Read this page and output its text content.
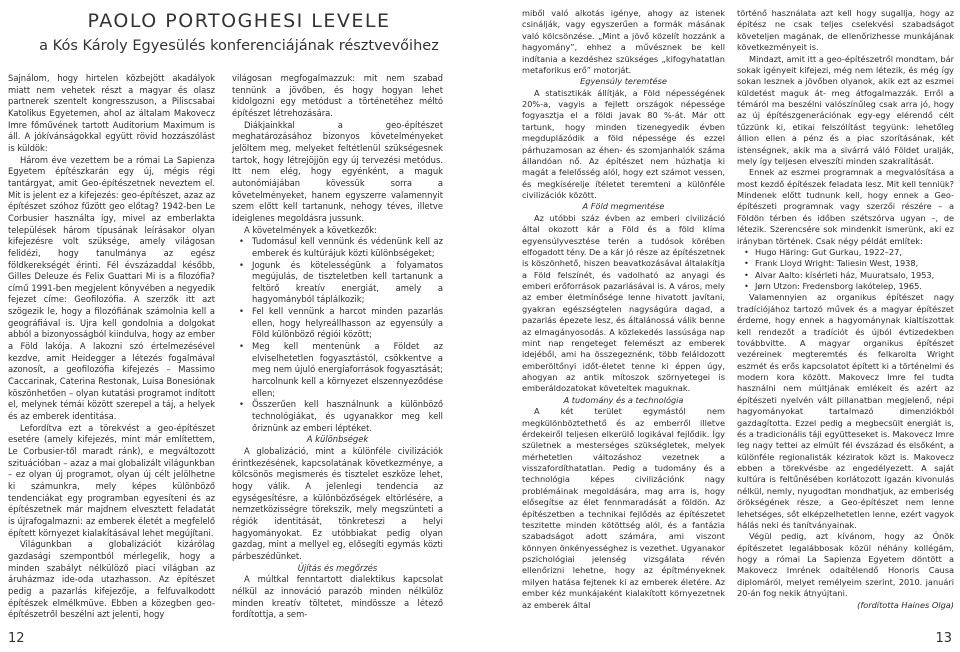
PAOLO PORTOGHESI LEVELE
a Kós Károly Egyesülés konferenciájának résztvevőihez

Sajnálom, hogy hirtelen közbejött akadályok miatt nem vehetek részt a magyar és olasz partnerek szentelt kongresszuson, a Piliscsabai Katolikus Egyetemen, ahol az általam Makovecz Imre főművének tartott Auditorium Maximum is áll. A jókívánságokkal együtt rövid hozzászólást is küldök:

Három éve vezettem be a római La Sapienza Egyetem építészkarán egy új, mégis régi tantárgyat, amit Geo-építészetnek neveztem el. Mit is jelent ez a kifejezés: geo-építészet, azaz az építészet szóhoz fűzött geo előtag? 1942-ben Le Corbusier használta így, mivel az emberlakta települések három típusának leírásakor olyan kifejezésre volt szüksége, amely világosan felidézi, hogy tanulmánya az egész földkerekségét érinti. Fél évszázaddal később, Gilles Deleuze és Felix Guattari Mi is a filozófia? című 1991-ben megjelent könyvében a negyedik fejezet címe: Geofilozófia. A szerzők itt azt szögezik le, hogy a filozófiának számolnia kell a geográfiával is. Ujra kell gondolnia a dolgokat abból a bizonyosságból kiindulva, hogy az ember a Föld lakója. A lakozni szó értelmezésével kezdve, amit Heidegger a létezés fogalmával azonosít, a geofilozófia kifejezés – Massimo Caccarinak, Caterina Restonak, Luisa Bonesiónak köszönhetően – olyan kutatási programot indított el, melynek témái között szerepel a táj, a helyek és az emberek identitása.

Lefordítva ezt a törekvést a geo-építészet esetére (amely kifejezés, mint már említettem, Le Corbusier-től maradt ránk), e megváltozott szituációban – azaz a mai globalizált világunkban – ez olyan új programot, olyan új célt jelölhetne ki számunkra, mely képes különböző tendenciákat egy programban egyesíteni és az építészetnek már majdnem elvesztett feladatát is újrafogalmazni: az emberek életét a megfelelő épített környezet kialakításával lehet megújítani.

Világunkban a globalizációt kizárólag gazdasági szempontból mérlegelik, hogy a minden szabályt nélkülöző piaci világban az áruházmaz ide-oda utazhasson. Az építészet pedig a pazarlás kifejezője, a felfuvalkodott építészek elmélkmüve. Ebben a közegben geo-építészetről beszélni azt jelenti, hogy

világosan megfogalmazzuk: mit nem szabad tennünk a jövőben, és hogy hogyan lehet kidolgozni egy metódust a történetéhez méltó építészet létrehozására.

Diákjainkkal a geo-építészet meghatározásához bizonyos követelményeket jelöltem meg, melyeket feltétlenül szükségesnek tartok, hogy létrejöjjön egy új tervezési metódus. Itt nem elég, hogy egyénként, a maguk autonómiájában kövessük sorra a követelményeket, hanem egyszerre valamennyit szem előtt kell tartanunk, nehogy téves, illetve ideiglenes megoldásra jussunk.

A követelmények a következők:

• Tudomásul kell vennünk és védenünk kell az emberek és kultúrájuk közti különbségeket;
• Jogunk és kötelességünk a folyamatos megújulás, de tiszteletben kell tartanunk a feltörő kreatív energiát, amely a hagyományból táplálkozik;
• Fel kell vennünk a harcot minden pazarlás ellen, hogy helyreállhasson az egyensúly a Föld különböző régiói között;
• Meg kell mentenünk a Földet az elviselhetetlen fogyasztástól, csökkentve a meg nem újuló energiaforrások fogyasztását; harcolnunk kell a környezet elszennyeződése ellen;
• Összerűen kell használnunk a különböző technológiákat, és ugyanakkor meg kell őriznünk az emberi léptéket.

A különbségek

A globalizáció, mint a különféle civilizációk érintkezésének, kapcsolatának következménye, a kölcsönös megismerés és tisztelet eszköze lehet, hogy válik. A jelenlegi tendencia az egységesítésre, a különbözőségek eltörlésére, a nemzetközisségre törekszik, mely megszünteti a régiók identitását, tönkreteszi a helyi hagyományokat. Ez utóbbiakat pedig olyan gazdag, mint a mellyel eg, elősegíti egymás közti párbeszédünket.

Újítás és megőrzés

A múltkal fenntartott dialektikus kapcsolat nélkül az innováció parazób minden nélkülöz minden kreatív töltetet, mindössze a létező fordítottja, a sem-

12

miből való alkotás igénye, ahogy az istenek csinálják, vagy egyszerűen a formák másának való kölcsönzése. „Mint a jövő közelít hozzánk a hagyomány”, ehhez a művésznek be kell indítania a kezdéshez szükséges „kifogyhatatlan metaforikus erő” motorját.

Egyensúly teremtése

A statisztikák állítják, a Föld népességének 20%-a, vagyis a fejlett országok népessége fogyasztja el a földi javak 80 %-át. Már ott tartunk, hogy minden tizenegyedik évben megduplázódik a föld népessége és ezzel párhuzamosan az éhen- és szomjanhalók száma állandóan nő. Az építészet nem húzhatja ki magát a felelősség alól, hogy ezt számot vessen, és megkísérelje ítéletet teremteni a különféle civilizációk között.

A Föld megmentése

Az utóbbi száz évben az emberi civilizáció által okozott kár a Föld és a föld klíma egyensúlyvesztése terén a tudósok körében elfogadott tény. De a kár jó része az építészetnek is köszönhető, hiszen beavatkozásával általakítja a Föld felszínét, és vadolható az anyagi és emberi erőforrások pazarlásával is. A város, mely az ember életmínősége lenne hivatott javítani, gyakran egészségtelen nagyságúra dagad, a pazarlás épezete lesz, és általánossá válik benne az elmagányosodás. A közlekedés lassúsága nap mint nap rengeteget felemészt az emberek idejéből, ami ha összegeznénk, több feláldozott emberöltőnyi időt-életet tenne ki éppen úgy, ahogyan az antik mítoszok szörnyetegei is emberáldozatokat követeltek maguknak.

A tudomány és a technológia

A két terület egymástól nem megkülönböztethető és az emberről illetve érdekeiről teljesen elkerülő logikával fejlődik. Így születnek a mesterséges szükségletek, melyek mérhetetlen változáshoz vezetnek a visszafordíthatatlan. Pedig a tudomány és a technológia képes civilizációnk nagy problémáinak megoldására, mag arra is, hogy elősegítse az élet fennmaradását a földön. Az építészetben a technikai fejlődés az építészetet teszitette minden kötöttség alól, és a fantázia szabadságot adott számára, ami viszont könnyen önkényességhez is vezethet. Ugyanakor pszichológiai jelenség vizsgálata révén ellenőrizni lehetne, hogy az építményeknek milyen hatása fejtenek ki az emberek életére. Az ember kéz munkájaként kialakított környezetnek az emberek által

történő használata azt kell hogy sugallja, hogy az építész ne csak teljes cselekvési szabadságot követeljen magának, de ellenőrizhesse munkájának következményeit is.

Mindazt, amit itt a geo-építészetről mondtam, bár sokak igényeit kifejezi, még nem létezik, és még így sokan lesznek a jövőben olyanok, akik ezt az eszmei küldetést maguk át- meg átfogalmazzák. Erről a témáról ma beszélni valószínűleg csak arra jó, hogy az új építészgenerációnak egy-egy elérendő célt tűzzünk ki, etikai felszólítást tegyünk: lehetőleg állion ellen a pénz és a piac szorításának, két istenségnek, akik ma a sivárrá váló Földet uralják, mely így teljesen elveszíti minden szakralitását.

Ennek az eszmei programnak a megvalósítása a most kezdő építészek feladata lesz. Mit kell tenniük? Mindenek előtt tudnunk kell, hogy ennek a Geo-építészeti programnak vagy szerzői részére – a Földön térben és időben szétszórva ugyan –, de létezik. Szerencsére sok mindenkit ismerünk, aki ez irányban történek. Csak négy példát említek:

• Hugo Häring: Gut Gurkau, 1922–27,
• Frank Lloyd Wright: Taliesin West, 1938,
• Alvar Aalto: kísérleti ház, Muuratsalo, 1953,
• Jørn Utzon: Fredensborg lakótelep, 1965.

Valamennyien az organikus építészet nagy tradíciójához tartozó művek és a magyar építészet érdeme, hogy ennek a hagyománynak kialtíszottak kell rendezőt a tradíciót és újból évtizedekben továbbvitte. A magyar organikus építészet vezéreinek megteremtés és felkarolta Wright eszmét és erős kapcsolatot épített ki a történelmi és modern kora között. Makovecz Imre fel tudta használni nem múltjának emlékeit és azért az építészeti nyelvén vált pillanatban megjelenő, népi hagyományokat tartalmazó dimenziókból gazdagította. Ezzel pedig a megbecsült energiát is, és a tradicionális táji együtteseket is. Makovecz Imre leg nagy tettei az elmúlt fél évszázad és elsőként, a különféle regionalisták kéziratok közt is. Makovecz ebben a törekvésbe az engedélyezett. A saját kultúra is feltűnésében korlátozott igazán kivonulás nélkül, nemly, nyugodtan mondhatjuk, az emberiség örökségének része, a Geo-építészet nem lenne lehetséges, sőt elképzelhetetlen lenne, ezért vagyok hálás neki és tanítványainak.

Végül pedig, azt kívánom, hogy az Önök építészetet legalábbosak közül néhány kollégám, hogy a római La Sapienza Egyetem döntött a Makovecz Imrének odaítélendő Honoris Causa diplomáról, melyet remélyeim szerint, 2010. januári 20-án fog nekik átnyújtani.

(fordította Haines Olga)

13
